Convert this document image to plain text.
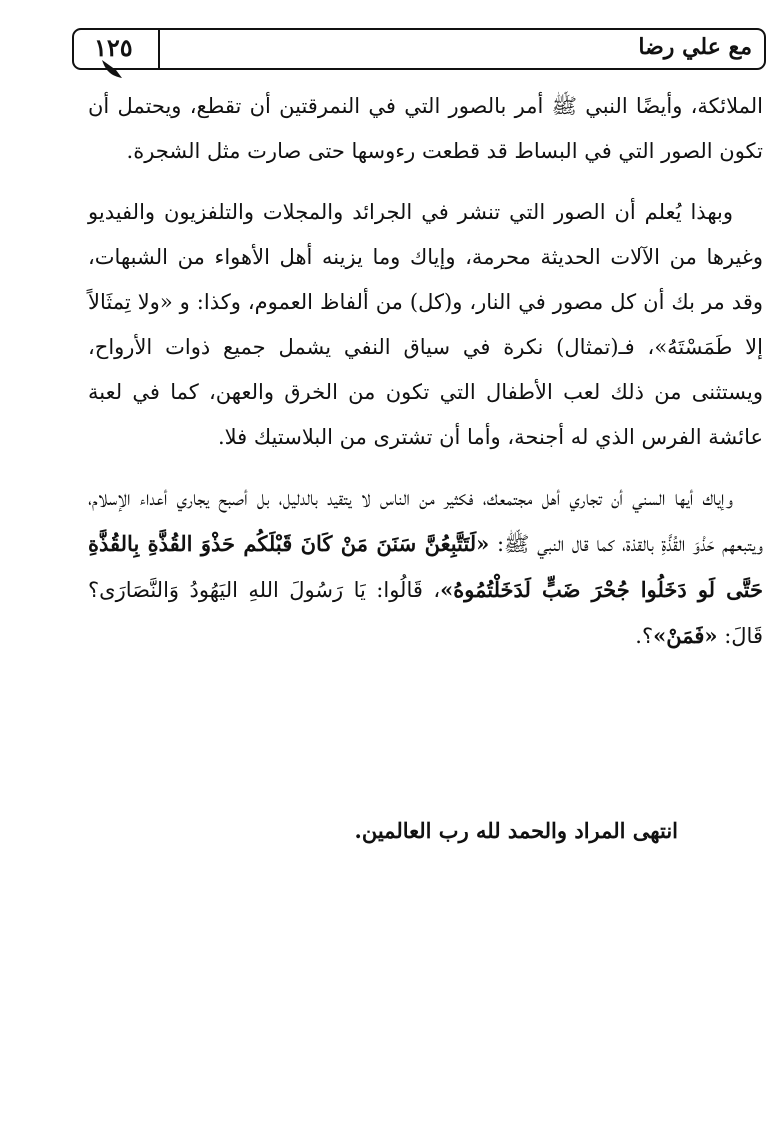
مع علي رضا
١٢٥

الملائكة، وأيضًا النبي ﷺ أمر بالصور التي في النمرقتين أن تقطع، ويحتمل أن تكون الصور التي في البساط قد قطعت رءوسها حتى صارت مثل الشجرة.

وبهذا يُعلم أن الصور التي تنشر في الجرائد والمجلات والتلفزيون والفيديو وغيرها من الآلات الحديثة محرمة، وإياك وما يزينه أهل الأهواء من الشبهات، وقد مر بك أن كل مصور في النار، و(كل) من ألفاظ العموم، وكذا: و «ولا تِمثَالاً إلا طَمَسْتَهُ»، فـ(تمثال) نكرة في سياق النفي يشمل جميع ذوات الأرواح، ويستثنى من ذلك لعب الأطفال التي تكون من الخرق والعهن، كما في لعبة عائشة الفرس الذي له أجنحة، وأما أن تشترى من البلاستيك فلا.

وإياك أيها السني أن تجاري أهل مجتمعك، فكثير من الناس لا يتقيد بالدليل، بل أصبح يجاري أعداء الإسلام، ويتبعهم حَذْوَ القُذَّةِ بالقذة، كما قال النبي ﷺ: «لَتَتَّبِعُنَّ سَنَنَ مَنْ كَانَ قَبْلَكُم حَذْوَ القُذَّةِ بِالقُذَّةِ حَتَّى لَو دَخَلُوا جُحْرَ ضَبٍّ لَدَخَلْتُمُوهُ»، قَالُوا: يَا رَسُولَ اللهِ اليَهُودُ وَالنَّصَارَى؟ قَالَ: «فَمَنْ»؟.

انتهى المراد والحمد لله رب العالمين.
